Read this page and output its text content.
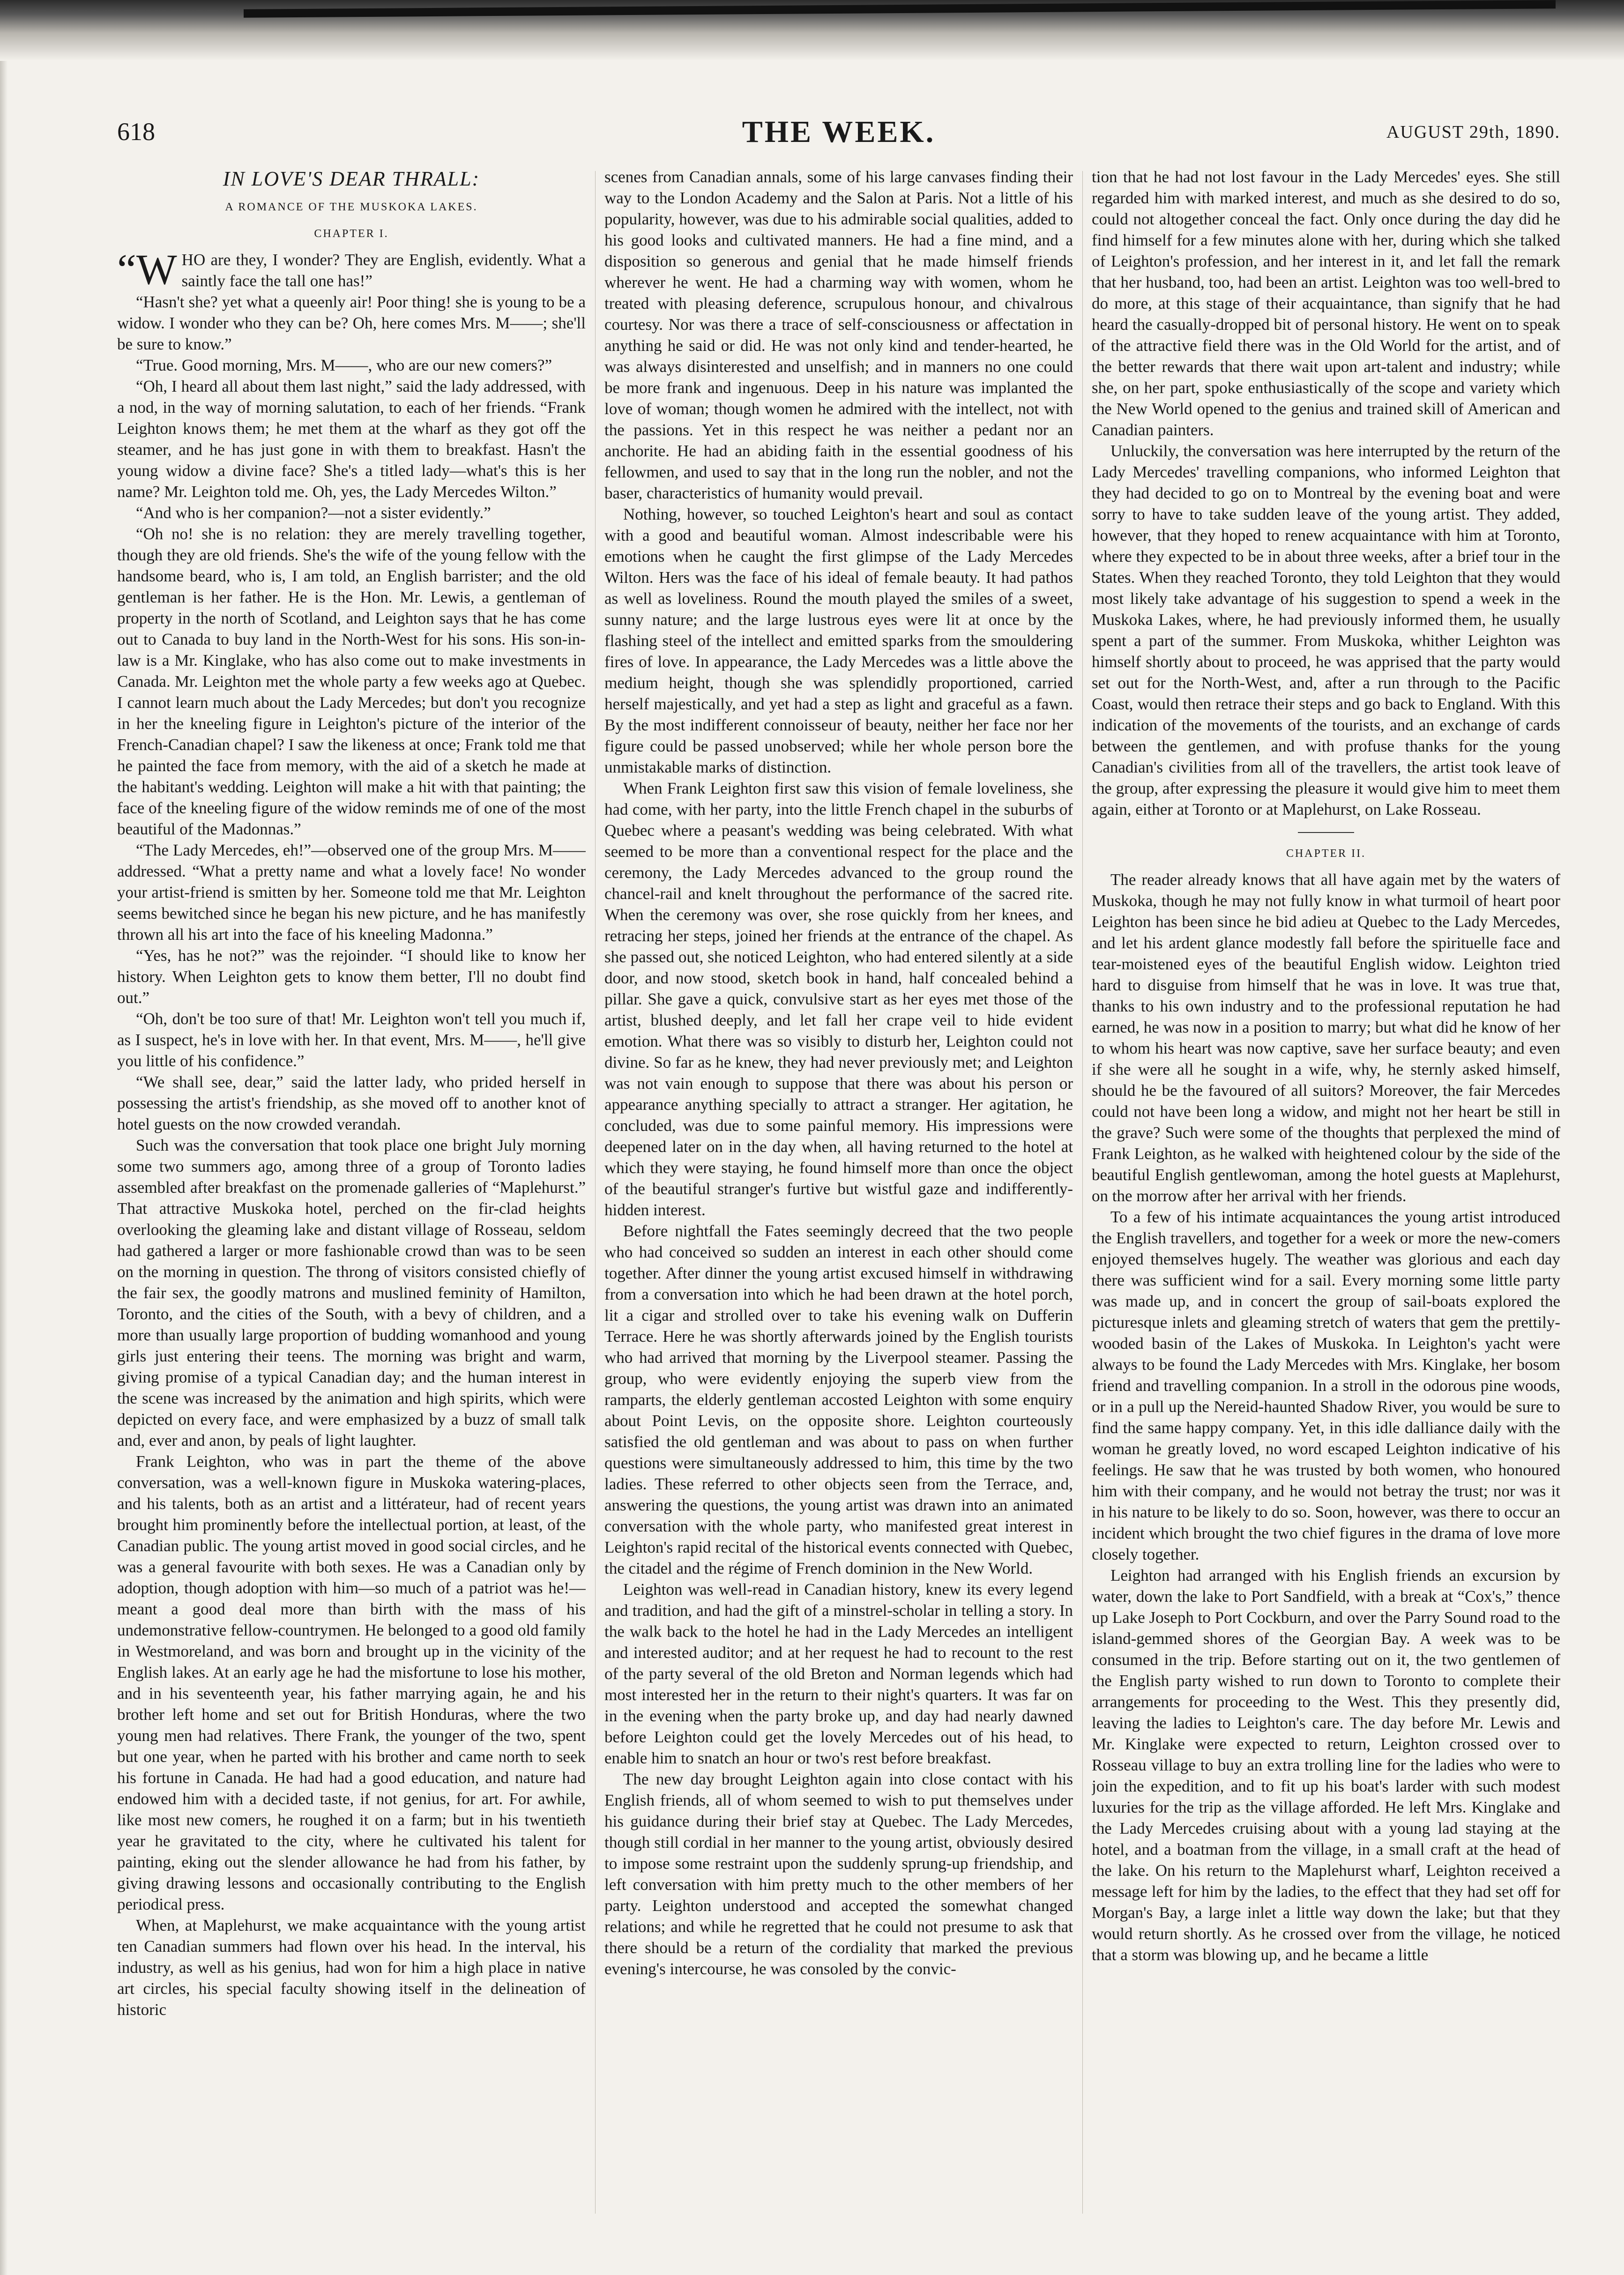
618	THE WEEK.	AUGUST 29th, 1890.
IN LOVE'S DEAR THRALL:
A ROMANCE OF THE MUSKOKA LAKES.
CHAPTER I.

“WHO are they, I wonder? They are English, evidently. What a saintly face the tall one has!”

“Hasn't she? yet what a queenly air! Poor thing! she is young to be a widow. I wonder who they can be? Oh, here comes Mrs. M——; she'll be sure to know.”

“True. Good morning, Mrs. M——, who are our new comers?”

“Oh, I heard all about them last night,” said the lady addressed, with a nod, in the way of morning salutation, to each of her friends. “Frank Leighton knows them; he met them at the wharf as they got off the steamer, and he has just gone in with them to breakfast. Hasn't the young widow a divine face? She's a titled lady—what's this is her name? Mr. Leighton told me. Oh, yes, the Lady Mercedes Wilton.”

“And who is her companion?—not a sister evidently.”

“Oh no! she is no relation: they are merely travelling together, though they are old friends. She's the wife of the young fellow with the handsome beard, who is, I am told, an English barrister; and the old gentleman is her father. He is the Hon. Mr. Lewis, a gentleman of property in the north of Scotland, and Leighton says that he has come out to Canada to buy land in the North-West for his sons. His son-in-law is a Mr. Kinglake, who has also come out to make investments in Canada. Mr. Leighton met the whole party a few weeks ago at Quebec. I cannot learn much about the Lady Mercedes; but don't you recognize in her the kneeling figure in Leighton's picture of the interior of the French-Canadian chapel? I saw the likeness at once; Frank told me that he painted the face from memory, with the aid of a sketch he made at the habitant's wedding. Leighton will make a hit with that painting; the face of the kneeling figure of the widow reminds me of one of the most beautiful of the Madonnas.”

“The Lady Mercedes, eh!”—observed one of the group Mrs. M——addressed. “What a pretty name and what a lovely face! No wonder your artist-friend is smitten by her. Someone told me that Mr. Leighton seems bewitched since he began his new picture, and he has manifestly thrown all his art into the face of his kneeling Madonna.”

“Yes, has he not?” was the rejoinder. “I should like to know her history. When Leighton gets to know them better, I'll no doubt find out.”

“Oh, don't be too sure of that! Mr. Leighton won't tell you much if, as I suspect, he's in love with her. In that event, Mrs. M——, he'll give you little of his confidence.”

“We shall see, dear,” said the latter lady, who prided herself in possessing the artist's friendship, as she moved off to another knot of hotel guests on the now crowded verandah.

Such was the conversation that took place one bright July morning some two summers ago, among three of a group of Toronto ladies assembled after breakfast on the promenade galleries of “Maplehurst.” That attractive Muskoka hotel, perched on the fir-clad heights overlooking the gleaming lake and distant village of Rosseau, seldom had gathered a larger or more fashionable crowd than was to be seen on the morning in question. The throng of visitors consisted chiefly of the fair sex, the goodly matrons and muslined feminity of Hamilton, Toronto, and the cities of the South, with a bevy of children, and a more than usually large proportion of budding womanhood and young girls just entering their teens. The morning was bright and warm, giving promise of a typical Canadian day; and the human interest in the scene was increased by the animation and high spirits, which were depicted on every face, and were emphasized by a buzz of small talk and, ever and anon, by peals of light laughter.

Frank Leighton, who was in part the theme of the above conversation, was a well-known figure in Muskoka watering-places, and his talents, both as an artist and a littérateur, had of recent years brought him prominently before the intellectual portion, at least, of the Canadian public. The young artist moved in good social circles, and he was a general favourite with both sexes. He was a Canadian only by adoption, though adoption with him—so much of a patriot was he!—meant a good deal more than birth with the mass of his undemonstrative fellow-countrymen. He belonged to a good old family in Westmoreland, and was born and brought up in the vicinity of the English lakes. At an early age he had the misfortune to lose his mother, and in his seventeenth year, his father marrying again, he and his brother left home and set out for British Honduras, where the two young men had relatives. There Frank, the younger of the two, spent but one year, when he parted with his brother and came north to seek his fortune in Canada. He had had a good education, and nature had endowed him with a decided taste, if not genius, for art. For awhile, like most new comers, he roughed it on a farm; but in his twentieth year he gravitated to the city, where he cultivated his talent for painting, eking out the slender allowance he had from his father, by giving drawing lessons and occasionally contributing to the English periodical press.

When, at Maplehurst, we make acquaintance with the young artist ten Canadian summers had flown over his head. In the interval, his industry, as well as his genius, had won for him a high place in native art circles, his special faculty showing itself in the delineation of historic

scenes from Canadian annals, some of his large canvases finding their way to the London Academy and the Salon at Paris. Not a little of his popularity, however, was due to his admirable social qualities, added to his good looks and cultivated manners. He had a fine mind, and a disposition so generous and genial that he made himself friends wherever he went. He had a charming way with women, whom he treated with pleasing deference, scrupulous honour, and chivalrous courtesy. Nor was there a trace of self-consciousness or affectation in anything he said or did. He was not only kind and tender-hearted, he was always disinterested and unselfish; and in manners no one could be more frank and ingenuous. Deep in his nature was implanted the love of woman; though women he admired with the intellect, not with the passions. Yet in this respect he was neither a pedant nor an anchorite. He had an abiding faith in the essential goodness of his fellowmen, and used to say that in the long run the nobler, and not the baser, characteristics of humanity would prevail.

Nothing, however, so touched Leighton's heart and soul as contact with a good and beautiful woman. Almost indescribable were his emotions when he caught the first glimpse of the Lady Mercedes Wilton. Hers was the face of his ideal of female beauty. It had pathos as well as loveliness. Round the mouth played the smiles of a sweet, sunny nature; and the large lustrous eyes were lit at once by the flashing steel of the intellect and emitted sparks from the smouldering fires of love. In appearance, the Lady Mercedes was a little above the medium height, though she was splendidly proportioned, carried herself majestically, and yet had a step as light and graceful as a fawn. By the most indifferent connoisseur of beauty, neither her face nor her figure could be passed unobserved; while her whole person bore the unmistakable marks of distinction.

When Frank Leighton first saw this vision of female loveliness, she had come, with her party, into the little French chapel in the suburbs of Quebec where a peasant's wedding was being celebrated. With what seemed to be more than a conventional respect for the place and the ceremony, the Lady Mercedes advanced to the group round the chancel-rail and knelt throughout the performance of the sacred rite. When the ceremony was over, she rose quickly from her knees, and retracing her steps, joined her friends at the entrance of the chapel. As she passed out, she noticed Leighton, who had entered silently at a side door, and now stood, sketch book in hand, half concealed behind a pillar. She gave a quick, convulsive start as her eyes met those of the artist, blushed deeply, and let fall her crape veil to hide evident emotion. What there was so visibly to disturb her, Leighton could not divine. So far as he knew, they had never previously met; and Leighton was not vain enough to suppose that there was about his person or appearance anything specially to attract a stranger. Her agitation, he concluded, was due to some painful memory. His impressions were deepened later on in the day when, all having returned to the hotel at which they were staying, he found himself more than once the object of the beautiful stranger's furtive but wistful gaze and indifferently-hidden interest.

Before nightfall the Fates seemingly decreed that the two people who had conceived so sudden an interest in each other should come together. After dinner the young artist excused himself in withdrawing from a conversation into which he had been drawn at the hotel porch, lit a cigar and strolled over to take his evening walk on Dufferin Terrace. Here he was shortly afterwards joined by the English tourists who had arrived that morning by the Liverpool steamer. Passing the group, who were evidently enjoying the superb view from the ramparts, the elderly gentleman accosted Leighton with some enquiry about Point Levis, on the opposite shore. Leighton courteously satisfied the old gentleman and was about to pass on when further questions were simultaneously addressed to him, this time by the two ladies. These referred to other objects seen from the Terrace, and, answering the questions, the young artist was drawn into an animated conversation with the whole party, who manifested great interest in Leighton's rapid recital of the historical events connected with Quebec, the citadel and the régime of French dominion in the New World.

Leighton was well-read in Canadian history, knew its every legend and tradition, and had the gift of a minstrel-scholar in telling a story. In the walk back to the hotel he had in the Lady Mercedes an intelligent and interested auditor; and at her request he had to recount to the rest of the party several of the old Breton and Norman legends which had most interested her in the return to their night's quarters. It was far on in the evening when the party broke up, and day had nearly dawned before Leighton could get the lovely Mercedes out of his head, to enable him to snatch an hour or two's rest before breakfast.

The new day brought Leighton again into close contact with his English friends, all of whom seemed to wish to put themselves under his guidance during their brief stay at Quebec. The Lady Mercedes, though still cordial in her manner to the young artist, obviously desired to impose some restraint upon the suddenly sprung-up friendship, and left conversation with him pretty much to the other members of her party. Leighton understood and accepted the somewhat changed relations; and while he regretted that he could not presume to ask that there should be a return of the cordiality that marked the previous evening's intercourse, he was consoled by the convic-

tion that he had not lost favour in the Lady Mercedes' eyes. She still regarded him with marked interest, and much as she desired to do so, could not altogether conceal the fact. Only once during the day did he find himself for a few minutes alone with her, during which she talked of Leighton's profession, and her interest in it, and let fall the remark that her husband, too, had been an artist. Leighton was too well-bred to do more, at this stage of their acquaintance, than signify that he had heard the casually-dropped bit of personal history. He went on to speak of the attractive field there was in the Old World for the artist, and of the better rewards that there wait upon art-talent and industry; while she, on her part, spoke enthusiastically of the scope and variety which the New World opened to the genius and trained skill of American and Canadian painters.

Unluckily, the conversation was here interrupted by the return of the Lady Mercedes' travelling companions, who informed Leighton that they had decided to go on to Montreal by the evening boat and were sorry to have to take sudden leave of the young artist. They added, however, that they hoped to renew acquaintance with him at Toronto, where they expected to be in about three weeks, after a brief tour in the States. When they reached Toronto, they told Leighton that they would most likely take advantage of his suggestion to spend a week in the Muskoka Lakes, where, he had previously informed them, he usually spent a part of the summer. From Muskoka, whither Leighton was himself shortly about to proceed, he was apprised that the party would set out for the North-West, and, after a run through to the Pacific Coast, would then retrace their steps and go back to England. With this indication of the movements of the tourists, and an exchange of cards between the gentlemen, and with profuse thanks for the young Canadian's civilities from all of the travellers, the artist took leave of the group, after expressing the pleasure it would give him to meet them again, either at Toronto or at Maplehurst, on Lake Rosseau.

CHAPTER II.

The reader already knows that all have again met by the waters of Muskoka, though he may not fully know in what turmoil of heart poor Leighton has been since he bid adieu at Quebec to the Lady Mercedes, and let his ardent glance modestly fall before the spirituelle face and tear-moistened eyes of the beautiful English widow. Leighton tried hard to disguise from himself that he was in love. It was true that, thanks to his own industry and to the professional reputation he had earned, he was now in a position to marry; but what did he know of her to whom his heart was now captive, save her surface beauty; and even if she were all he sought in a wife, why, he sternly asked himself, should he be the favoured of all suitors? Moreover, the fair Mercedes could not have been long a widow, and might not her heart be still in the grave? Such were some of the thoughts that perplexed the mind of Frank Leighton, as he walked with heightened colour by the side of the beautiful English gentlewoman, among the hotel guests at Maplehurst, on the morrow after her arrival with her friends.

To a few of his intimate acquaintances the young artist introduced the English travellers, and together for a week or more the new-comers enjoyed themselves hugely. The weather was glorious and each day there was sufficient wind for a sail. Every morning some little party was made up, and in concert the group of sail-boats explored the picturesque inlets and gleaming stretch of waters that gem the prettily-wooded basin of the Lakes of Muskoka. In Leighton's yacht were always to be found the Lady Mercedes with Mrs. Kinglake, her bosom friend and travelling companion. In a stroll in the odorous pine woods, or in a pull up the Nereid-haunted Shadow River, you would be sure to find the same happy company. Yet, in this idle dalliance daily with the woman he greatly loved, no word escaped Leighton indicative of his feelings. He saw that he was trusted by both women, who honoured him with their company, and he would not betray the trust; nor was it in his nature to be likely to do so. Soon, however, was there to occur an incident which brought the two chief figures in the drama of love more closely together.

Leighton had arranged with his English friends an excursion by water, down the lake to Port Sandfield, with a break at “Cox's,” thence up Lake Joseph to Port Cockburn, and over the Parry Sound road to the island-gemmed shores of the Georgian Bay. A week was to be consumed in the trip. Before starting out on it, the two gentlemen of the English party wished to run down to Toronto to complete their arrangements for proceeding to the West. This they presently did, leaving the ladies to Leighton's care. The day before Mr. Lewis and Mr. Kinglake were expected to return, Leighton crossed over to Rosseau village to buy an extra trolling line for the ladies who were to join the expedition, and to fit up his boat's larder with such modest luxuries for the trip as the village afforded. He left Mrs. Kinglake and the Lady Mercedes cruising about with a young lad staying at the hotel, and a boatman from the village, in a small craft at the head of the lake. On his return to the Maplehurst wharf, Leighton received a message left for him by the ladies, to the effect that they had set off for Morgan's Bay, a large inlet a little way down the lake; but that they would return shortly. As he crossed over from the village, he noticed that a storm was blowing up, and he became a little
